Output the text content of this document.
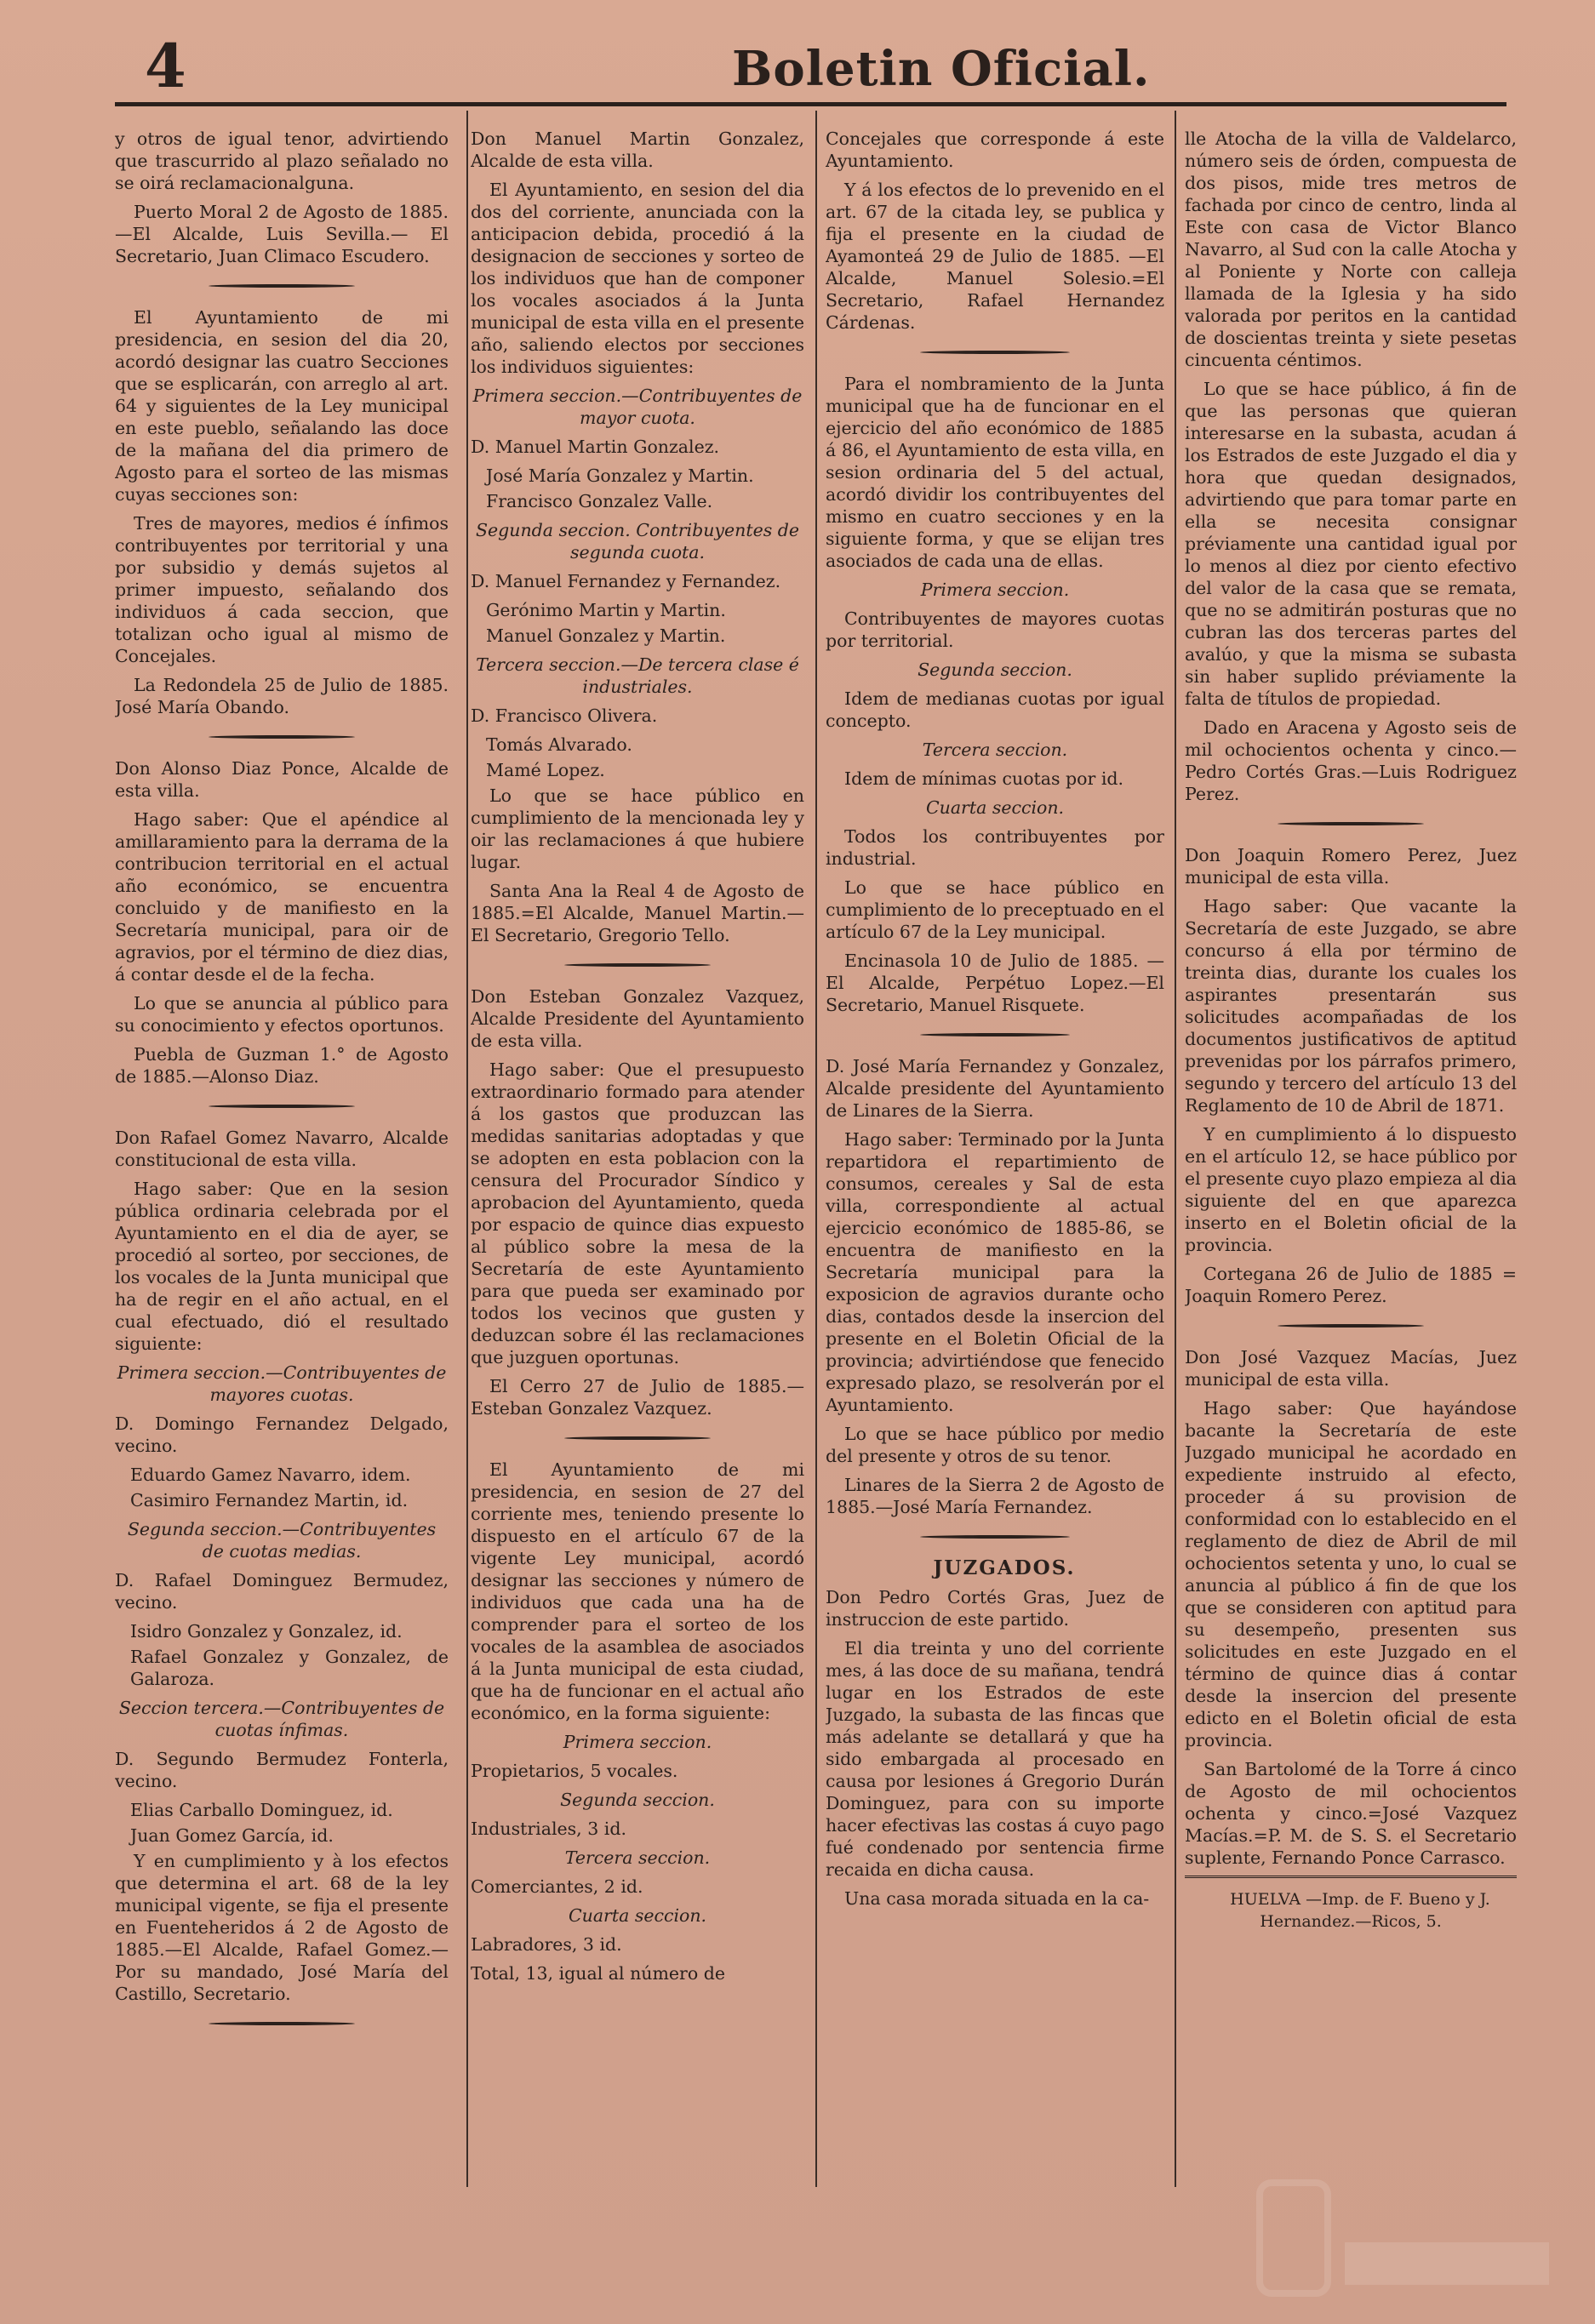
4	Boletin Oficial.

y otros de igual tenor, advirtiendo que trascurrido al plazo señalado no se oirá reclamacionalguna.

Puerto Moral 2 de Agosto de 1885.—El Alcalde, Luis Sevilla.— El Secretario, Juan Climaco Escudero.

El Ayuntamiento de mi presidencia, en sesion del dia 20, acordó designar las cuatro Secciones que se esplicarán, con arreglo al art. 64 y siguientes de la Ley municipal en este pueblo, señalando las doce de la mañana del dia primero de Agosto para el sorteo de las mismas cuyas secciones son:

Tres de mayores, medios é ínfimos contribuyentes por territorial y una por subsidio y demás sujetos al primer impuesto, señalando dos individuos á cada seccion, que totalizan ocho igual al mismo de Concejales.

La Redondela 25 de Julio de 1885. José María Obando.

Don Alonso Diaz Ponce, Alcalde de esta villa.

Hago saber: Que el apéndice al amillaramiento para la derrama de la contribucion territorial en el actual año económico, se encuentra concluido y de manifiesto en la Secretaría municipal, para oir de agravios, por el término de diez dias, á contar desde el de la fecha.

Lo que se anuncia al público para su conocimiento y efectos oportunos.

Puebla de Guzman 1.° de Agosto de 1885.—Alonso Diaz.

Don Rafael Gomez Navarro, Alcalde constitucional de esta villa.

Hago saber: Que en la sesion pública ordinaria celebrada por el Ayuntamiento en el dia de ayer, se procedió al sorteo, por secciones, de los vocales de la Junta municipal que ha de regir en el año actual, en el cual efectuado, dió el resultado siguiente:

Primera seccion.—Contribuyentes de mayores cuotas.

D. Domingo Fernandez Delgado, vecino.

Eduardo Gamez Navarro, idem.

Casimiro Fernandez Martin, id.

Segunda seccion.—Contribuyentes de cuotas medias.

D. Rafael Dominguez Bermudez, vecino.

Isidro Gonzalez y Gonzalez, id.

Rafael Gonzalez y Gonzalez, de Galaroza.

Seccion tercera.—Contribuyentes de cuotas ínfimas.

D. Segundo Bermudez Fonterla, vecino.

Elias Carballo Dominguez, id.

Juan Gomez García, id.

Y en cumplimiento y à los efectos que determina el art. 68 de la ley municipal vigente, se fija el presente en Fuenteheridos á 2 de Agosto de 1885.—El Alcalde, Rafael Gomez.—Por su mandado, José María del Castillo, Secretario.

Don Manuel Martin Gonzalez, Alcalde de esta villa.

El Ayuntamiento, en sesion del dia dos del corriente, anunciada con la anticipacion debida, procedió á la designacion de secciones y sorteo de los individuos que han de componer los vocales asociados á la Junta municipal de esta villa en el presente año, saliendo electos por secciones los individuos siguientes:

Primera seccion.—Contribuyentes de mayor cuota.

D. Manuel Martin Gonzalez.

José María Gonzalez y Martin.

Francisco Gonzalez Valle.

Segunda seccion. Contribuyentes de segunda cuota.

D. Manuel Fernandez y Fernandez.

Gerónimo Martin y Martin.

Manuel Gonzalez y Martin.

Tercera seccion.—De tercera clase é industriales.

D. Francisco Olivera.

Tomás Alvarado.

Mamé Lopez.

Lo que se hace público en cumplimiento de la mencionada ley y oir las reclamaciones á que hubiere lugar.

Santa Ana la Real 4 de Agosto de 1885.=El Alcalde, Manuel Martin.—El Secretario, Gregorio Tello.

Don Esteban Gonzalez Vazquez, Alcalde Presidente del Ayuntamiento de esta villa.

Hago saber: Que el presupuesto extraordinario formado para atender á los gastos que produzcan las medidas sanitarias adoptadas y que se adopten en esta poblacion con la censura del Procurador Síndico y aprobacion del Ayuntamiento, queda por espacio de quince dias expuesto al público sobre la mesa de la Secretaría de este Ayuntamiento para que pueda ser examinado por todos los vecinos que gusten y deduzcan sobre él las reclamaciones que juzguen oportunas.

El Cerro 27 de Julio de 1885.— Esteban Gonzalez Vazquez.

El Ayuntamiento de mi presidencia, en sesion de 27 del corriente mes, teniendo presente lo dispuesto en el artículo 67 de la vigente Ley municipal, acordó designar las secciones y número de individuos que cada una ha de comprender para el sorteo de los vocales de la asamblea de asociados á la Junta municipal de esta ciudad, que ha de funcionar en el actual año económico, en la forma siguiente:

Primera seccion.

Propietarios, 5 vocales.

Segunda seccion.

Industriales, 3 id.

Tercera seccion.

Comerciantes, 2 id.

Cuarta seccion.

Labradores, 3 id.

Total, 13, igual al número de

Concejales que corresponde á este Ayuntamiento.

Y á los efectos de lo prevenido en el art. 67 de la citada ley, se publica y fija el presente en la ciudad de Ayamonteá 29 de Julio de 1885. —El Alcalde, Manuel Solesio.=El Secretario, Rafael Hernandez Cárdenas.

Para el nombramiento de la Junta municipal que ha de funcionar en el ejercicio del año económico de 1885 á 86, el Ayuntamiento de esta villa, en sesion ordinaria del 5 del actual, acordó dividir los contribuyentes del mismo en cuatro secciones y en la siguiente forma, y que se elijan tres asociados de cada una de ellas.

Primera seccion.

Contribuyentes de mayores cuotas por territorial.

Segunda seccion.

Idem de medianas cuotas por igual concepto.

Tercera seccion.

Idem de mínimas cuotas por id.

Cuarta seccion.

Todos los contribuyentes por industrial.

Lo que se hace público en cumplimiento de lo preceptuado en el artículo 67 de la Ley municipal.

Encinasola 10 de Julio de 1885. —El Alcalde, Perpétuo Lopez.—El Secretario, Manuel Risquete.

D. José María Fernandez y Gonzalez, Alcalde presidente del Ayuntamiento de Linares de la Sierra.

Hago saber: Terminado por la Junta repartidora el repartimiento de consumos, cereales y Sal de esta villa, correspondiente al actual ejercicio económico de 1885-86, se encuentra de manifiesto en la Secretaría municipal para la exposicion de agravios durante ocho dias, contados desde la insercion del presente en el Boletin Oficial de la provincia; advirtiéndose que fenecido expresado plazo, se resolverán por el Ayuntamiento.

Lo que se hace público por medio del presente y otros de su tenor.

Linares de la Sierra 2 de Agosto de 1885.—José María Fernandez.

JUZGADOS.

Don Pedro Cortés Gras, Juez de instruccion de este partido.

El dia treinta y uno del corriente mes, á las doce de su mañana, tendrá lugar en los Estrados de este Juzgado, la subasta de las fincas que más adelante se detallará y que ha sido embargada al procesado en causa por lesiones á Gregorio Durán Dominguez, para con su importe hacer efectivas las costas á cuyo pago fué condenado por sentencia firme recaida en dicha causa.

Una casa morada situada en la ca-

lle Atocha de la villa de Valdelarco, número seis de órden, compuesta de dos pisos, mide tres metros de fachada por cinco de centro, linda al Este con casa de Victor Blanco Navarro, al Sud con la calle Atocha y al Poniente y Norte con calleja llamada de la Iglesia y ha sido valorada por peritos en la cantidad de doscientas treinta y siete pesetas cincuenta céntimos.

Lo que se hace público, á fin de que las personas que quieran interesarse en la subasta, acudan á los Estrados de este Juzgado el dia y hora que quedan designados, advirtiendo que para tomar parte en ella se necesita consignar préviamente una cantidad igual por lo menos al diez por ciento efectivo del valor de la casa que se remata, que no se admitirán posturas que no cubran las dos terceras partes del avalúo, y que la misma se subasta sin haber suplido préviamente la falta de títulos de propiedad.

Dado en Aracena y Agosto seis de mil ochocientos ochenta y cinco.— Pedro Cortés Gras.—Luis Rodriguez Perez.

Don Joaquin Romero Perez, Juez municipal de esta villa.

Hago saber: Que vacante la Secretaría de este Juzgado, se abre concurso á ella por término de treinta dias, durante los cuales los aspirantes presentarán sus solicitudes acompañadas de los documentos justificativos de aptitud prevenidas por los párrafos primero, segundo y tercero del artículo 13 del Reglamento de 10 de Abril de 1871.

Y en cumplimiento á lo dispuesto en el artículo 12, se hace público por el presente cuyo plazo empieza al dia siguiente del en que aparezca inserto en el Boletin oficial de la provincia.

Cortegana 26 de Julio de 1885 = Joaquin Romero Perez.

Don José Vazquez Macías, Juez municipal de esta villa.

Hago saber: Que hayándose bacante la Secretaría de este Juzgado municipal he acordado en expediente instruido al efecto, proceder á su provision de conformidad con lo establecido en el reglamento de diez de Abril de mil ochocientos setenta y uno, lo cual se anuncia al público á fin de que los que se consideren con aptitud para su desempeño, presenten sus solicitudes en este Juzgado en el término de quince dias á contar desde la insercion del presente edicto en el Boletin oficial de esta provincia.

San Bartolomé de la Torre á cinco de Agosto de mil ochocientos ochenta y cinco.=José Vazquez Macías.=P. M. de S. S. el Secretario suplente, Fernando Ponce Carrasco.

HUELVA —Imp. de F. Bueno y J. Hernandez.—Ricos, 5.
